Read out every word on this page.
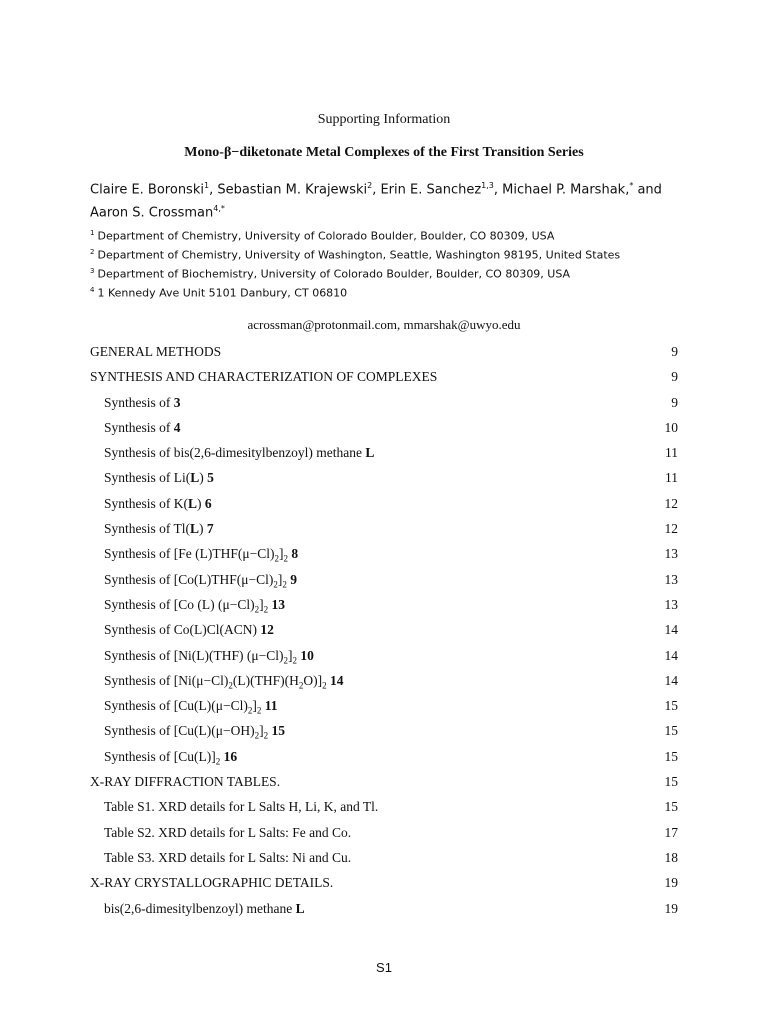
Supporting Information
Mono-β−diketonate Metal Complexes of the First Transition Series
Claire E. Boronski$^1$, Sebastian M. Krajewski$^2$, Erin E. Sanchez$^{1,3}$, Michael P. Marshak,* and Aaron S. Crossman$^{4,*}$
$^1$ Department of Chemistry, University of Colorado Boulder, Boulder, CO 80309, USA
$^2$ Department of Chemistry, University of Washington, Seattle, Washington 98195, United States
$^3$ Department of Biochemistry, University of Colorado Boulder, Boulder, CO 80309, USA
$^4$ 1 Kennedy Ave Unit 5101 Danbury, CT 06810
acrossman@protonmail.com, mmarshak@uwyo.edu
GENERAL METHODS	9
SYNTHESIS AND CHARACTERIZATION OF COMPLEXES	9
Synthesis of 3	9
Synthesis of 4	10
Synthesis of bis(2,6-dimesitylbenzoyl) methane L	11
Synthesis of Li(L) 5	11
Synthesis of K(L) 6	12
Synthesis of Tl(L) 7	12
Synthesis of [Fe $(L)THF(\mu-Cl)_2]_2$ 8	13
Synthesis of $[Co(L)THF(\mu-Cl)_2]_2$ 9	13
Synthesis of [Co (L) $(\mu-Cl)_2]_2$ 13	13
Synthesis of Co(L)Cl(ACN) 12	14
Synthesis of [Ni(L)(THF) $(\mu-Cl)_2]_2$ 10	14
Synthesis of $[Ni(\mu-Cl)_2(L)(THF)(H_2O)]_2$ 14	14
Synthesis of $[Cu(L)(\mu-Cl)_2]_2$ 11	15
Synthesis of $[Cu(L)(\mu-OH)_2]_2$ 15	15
Synthesis of $[Cu(L)]_2$ 16	15
X-RAY DIFFRACTION TABLES.	15
Table S1. XRD details for L Salts H, Li, K, and Tl.	15
Table S2. XRD details for L Salts: Fe and Co.	17
Table S3. XRD details for L Salts: Ni and Cu.	18
X-RAY CRYSTALLOGRAPHIC DETAILS.	19
bis(2,6-dimesitylbenzoyl) methane L	19
S1
